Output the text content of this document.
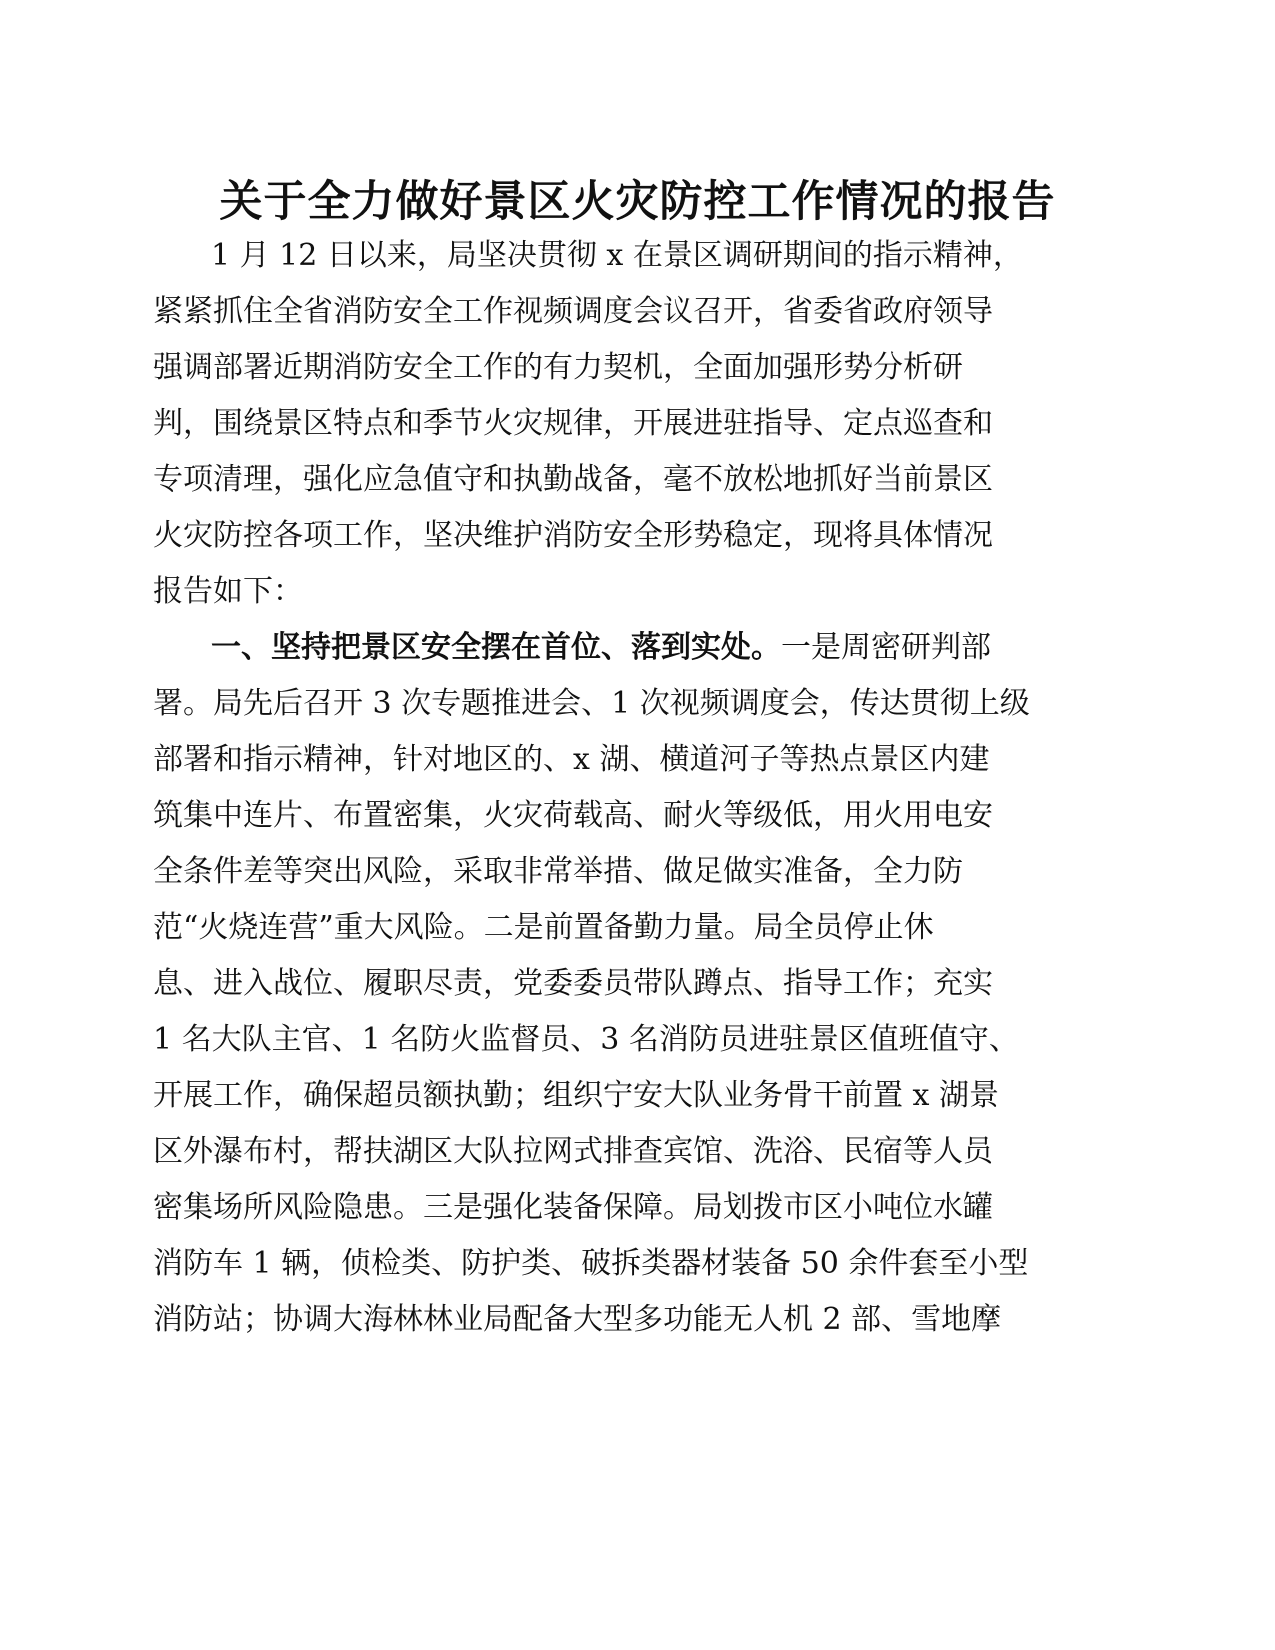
关于全力做好景区火灾防控工作情况的报告
1 月 12 日以来，局坚决贯彻 x 在景区调研期间的指示精神，
紧紧抓住全省消防安全工作视频调度会议召开，省委省政府领导
强调部署近期消防安全工作的有力契机，全面加强形势分析研
判，围绕景区特点和季节火灾规律，开展进驻指导、定点巡查和
专项清理，强化应急值守和执勤战备，毫不放松地抓好当前景区
火灾防控各项工作，坚决维护消防安全形势稳定，现将具体情况
报告如下：
一、坚持把景区安全摆在首位、落到实处。一是周密研判部
署。局先后召开 3 次专题推进会、1 次视频调度会，传达贯彻上级
部署和指示精神，针对地区的、x 湖、横道河子等热点景区内建
筑集中连片、布置密集，火灾荷载高、耐火等级低，用火用电安
全条件差等突出风险，采取非常举措、做足做实准备，全力防
范“火烧连营”重大风险。二是前置备勤力量。局全员停止休
息、进入战位、履职尽责，党委委员带队蹲点、指导工作；充实
1 名大队主官、1 名防火监督员、3 名消防员进驻景区值班值守、
开展工作，确保超员额执勤；组织宁安大队业务骨干前置 x 湖景
区外瀑布村，帮扶湖区大队拉网式排查宾馆、洗浴、民宿等人员
密集场所风险隐患。三是强化装备保障。局划拨市区小吨位水罐
消防车 1 辆，侦检类、防护类、破拆类器材装备 50 余件套至小型
消防站；协调大海林林业局配备大型多功能无人机 2 部、雪地摩
